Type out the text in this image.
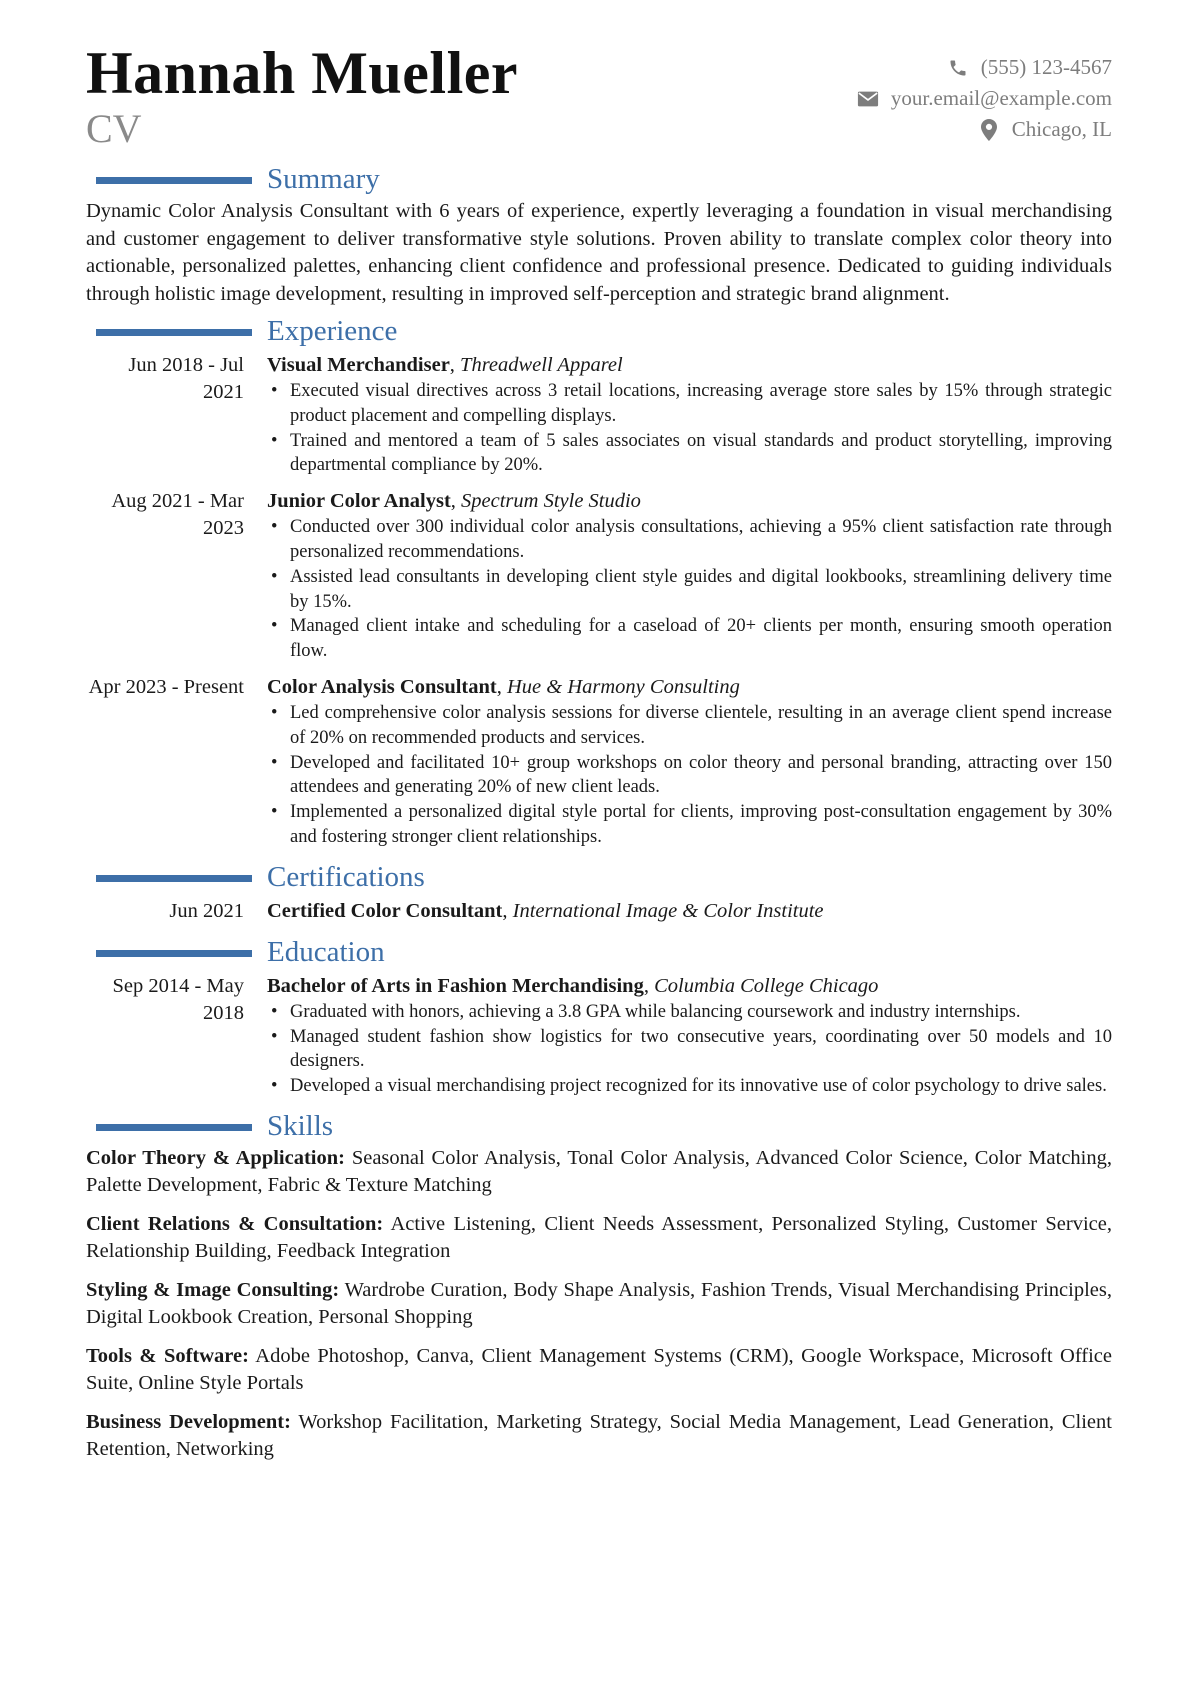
Hannah Mueller
CV
(555) 123-4567
your.email@example.com
Chicago, IL
Summary

Dynamic Color Analysis Consultant with 6 years of experience, expertly leveraging a foundation in visual merchandising and customer engagement to deliver transformative style solutions. Proven ability to translate complex color theory into actionable, personalized palettes, enhancing client confidence and professional presence. Dedicated to guiding individuals through holistic image development, resulting in improved self-perception and strategic brand alignment.

Experience
Jun 2018 - Jul 2021
Visual Merchandiser, Threadwell Apparel
• Executed visual directives across 3 retail locations, increasing average store sales by 15% through strategic product placement and compelling displays.
• Trained and mentored a team of 5 sales associates on visual standards and product storytelling, improving departmental compliance by 20%.
Aug 2021 - Mar 2023
Junior Color Analyst, Spectrum Style Studio
• Conducted over 300 individual color analysis consultations, achieving a 95% client satisfaction rate through personalized recommendations.
• Assisted lead consultants in developing client style guides and digital lookbooks, streamlining delivery time by 15%.
• Managed client intake and scheduling for a caseload of 20+ clients per month, ensuring smooth operation flow.
Apr 2023 - Present Color Analysis Consultant, Hue & Harmony Consulting
• Led comprehensive color analysis sessions for diverse clientele, resulting in an average client spend increase of 20% on recommended products and services.
• Developed and facilitated 10+ group workshops on color theory and personal branding, attracting over 150 attendees and generating 20% of new client leads.
• Implemented a personalized digital style portal for clients, improving post-consultation engagement by 30% and fostering stronger client relationships.
Certifications
Jun 2021 Certified Color Consultant, International Image & Color Institute
Education
Sep 2014 - May 2018
Bachelor of Arts in Fashion Merchandising, Columbia College Chicago
• Graduated with honors, achieving a 3.8 GPA while balancing coursework and industry internships.
• Managed student fashion show logistics for two consecutive years, coordinating over 50 models and 10 designers.
• Developed a visual merchandising project recognized for its innovative use of color psychology to drive sales.
Skills

Color Theory & Application: Seasonal Color Analysis, Tonal Color Analysis, Advanced Color Science, Color Matching, Palette Development, Fabric & Texture Matching

Client Relations & Consultation: Active Listening, Client Needs Assessment, Personalized Styling, Customer Service, Relationship Building, Feedback Integration

Styling & Image Consulting: Wardrobe Curation, Body Shape Analysis, Fashion Trends, Visual Merchandising Principles, Digital Lookbook Creation, Personal Shopping

Tools & Software: Adobe Photoshop, Canva, Client Management Systems (CRM), Google Workspace, Microsoft Office Suite, Online Style Portals

Business Development: Workshop Facilitation, Marketing Strategy, Social Media Management, Lead Generation, Client Retention, Networking
